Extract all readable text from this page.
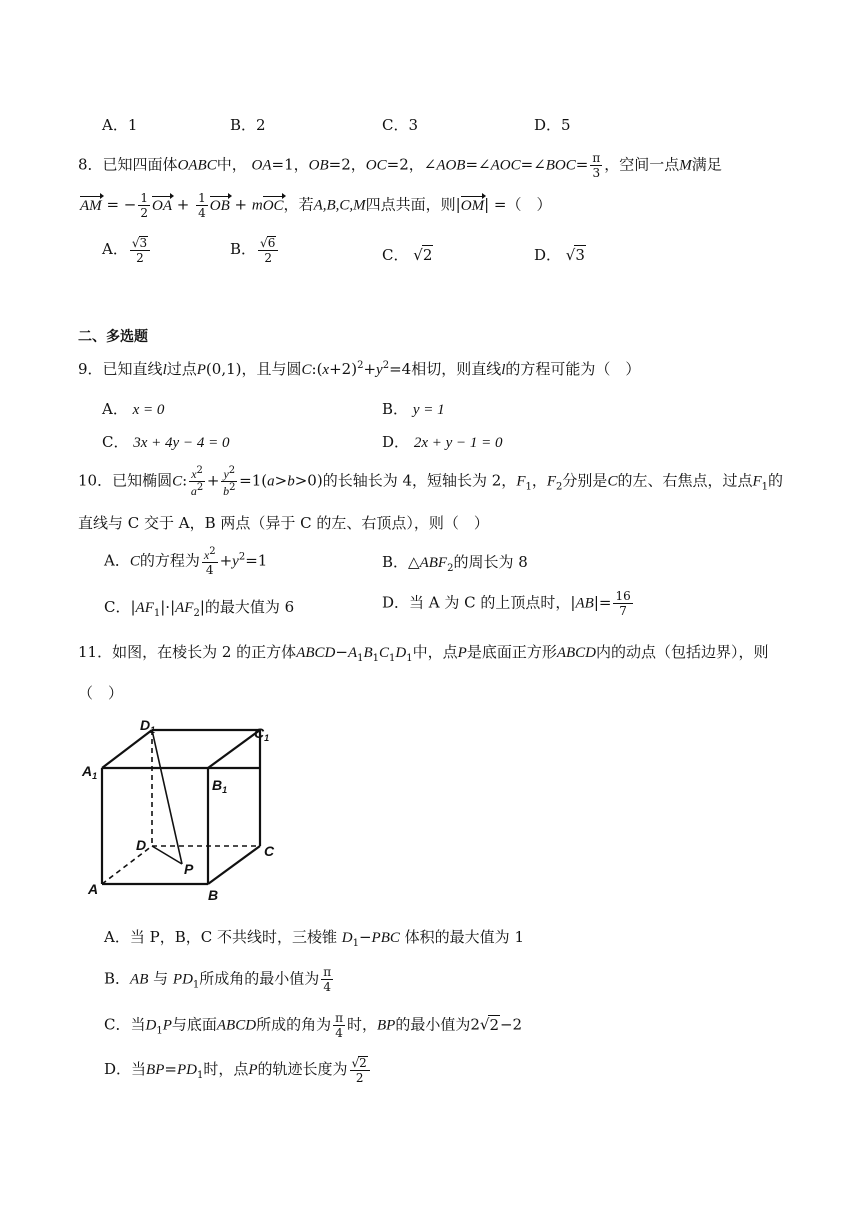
A．1	B．2	C．3	D．5
8．已知四面体OABC中， OA=1，OB=2，OC=2，∠AOB=∠AOC=∠BOC= $\frac{\pi}{3}$ ，空间一点M满足
AM = − $\frac{1}{2}$ OA + $\frac{1}{4}$ OB + mOC，若A,B,C,M四点共面，则|OM| =（　）
A． $\frac{√3}{2}$	B． $\frac{√6}{2}$	C． √2	D． √3
二、多选题
9．已知直线l过点P(0,1)，且与圆$C:(x+2)^2+y^2=4$相切，则直线l的方程可能为（　）
A． x = 0	B． y = 1
C． 3x + 4y − 4 = 0	D． 2x + y − 1 = 0
10．已知椭圆C: $\frac{x^2}{a^2} + \frac{y^2}{b^2} =1(a>b>0)$的长轴长为 4，短轴长为 2，$F_1$，$F_2$分别是C的左、右焦点，过点$F_1$的
直线与 C 交于 A，B 两点（异于 C 的左、右顶点），则（　）
A．C的方程为 $\frac{x^2}{4} +y^2=1$	B．$\triangle ABF_2$的周长为 8
C．$|AF_1|\cdot|AF_2|$的最大值为 6	D．当 A 为 C 的上顶点时，$|AB|= \frac{16}{7}$
11．如图，在棱长为 2 的正方体$ABCD-A_1B_1C_1D_1$中，点P是底面正方形ABCD内的动点（包括边界），则
（　）
$D_1$	$C_1$
$A_1$
$B_1$
D	C
P
A	B
A．当 P，B，C 不共线时，三棱锥 $D_1-PBC$ 体积的最大值为 1
B．AB 与 $PD_1$所成角的最小值为 $\frac{\pi}{4}$
C．当$D_1P$与底面ABCD所成的角为 $\frac{\pi}{4}$ 时，BP的最小值为2√2−2
D．当$BP=PD_1$时，点P的轨迹长度为 $\frac{√2}{2}$
